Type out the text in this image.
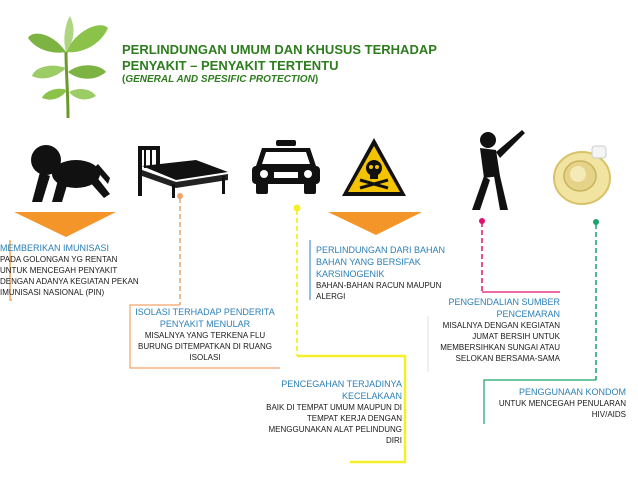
PERLINDUNGAN UMUM DAN KHUSUS TERHADAP
PENYAKIT – PENYAKIT TERTENTU
(GENERAL AND SPESIFIC PROTECTION)
MEMBERIKAN IMUNISASI
PADA GOLONGAN YG RENTAN
UNTUK MENCEGAH PENYAKIT
DENGAN ADANYA KEGIATAN PEKAN
IMUNISASI NASIONAL (PIN)
ISOLASI TERHADAP PENDERITA
PENYAKIT MENULAR
MISALNYA YANG TERKENA FLU
BURUNG DITEMPATKAN DI RUANG
ISOLASI
PENCEGAHAN TERJADINYA
KECELAKAAN
BAIK DI TEMPAT UMUM MAUPUN DI
TEMPAT KERJA DENGAN
MENGGUNAKAN ALAT PELINDUNG
DIRI
PERLINDUNGAN DARI BAHAN
BAHAN YANG BERSIFAK
KARSINOGENIK
BAHAN-BAHAN RACUN MAUPUN
ALERGI
PENGENDALIAN SUMBER
PENCEMARAN
MISALNYA DENGAN KEGIATAN
JUMAT BERSIH UNTUK
MEMBERSIHKAN SUNGAI ATAU
SELOKAN BERSAMA-SAMA
PENGGUNAAN KONDOM
UNTUK MENCEGAH PENULARAN
HIV/AIDS
